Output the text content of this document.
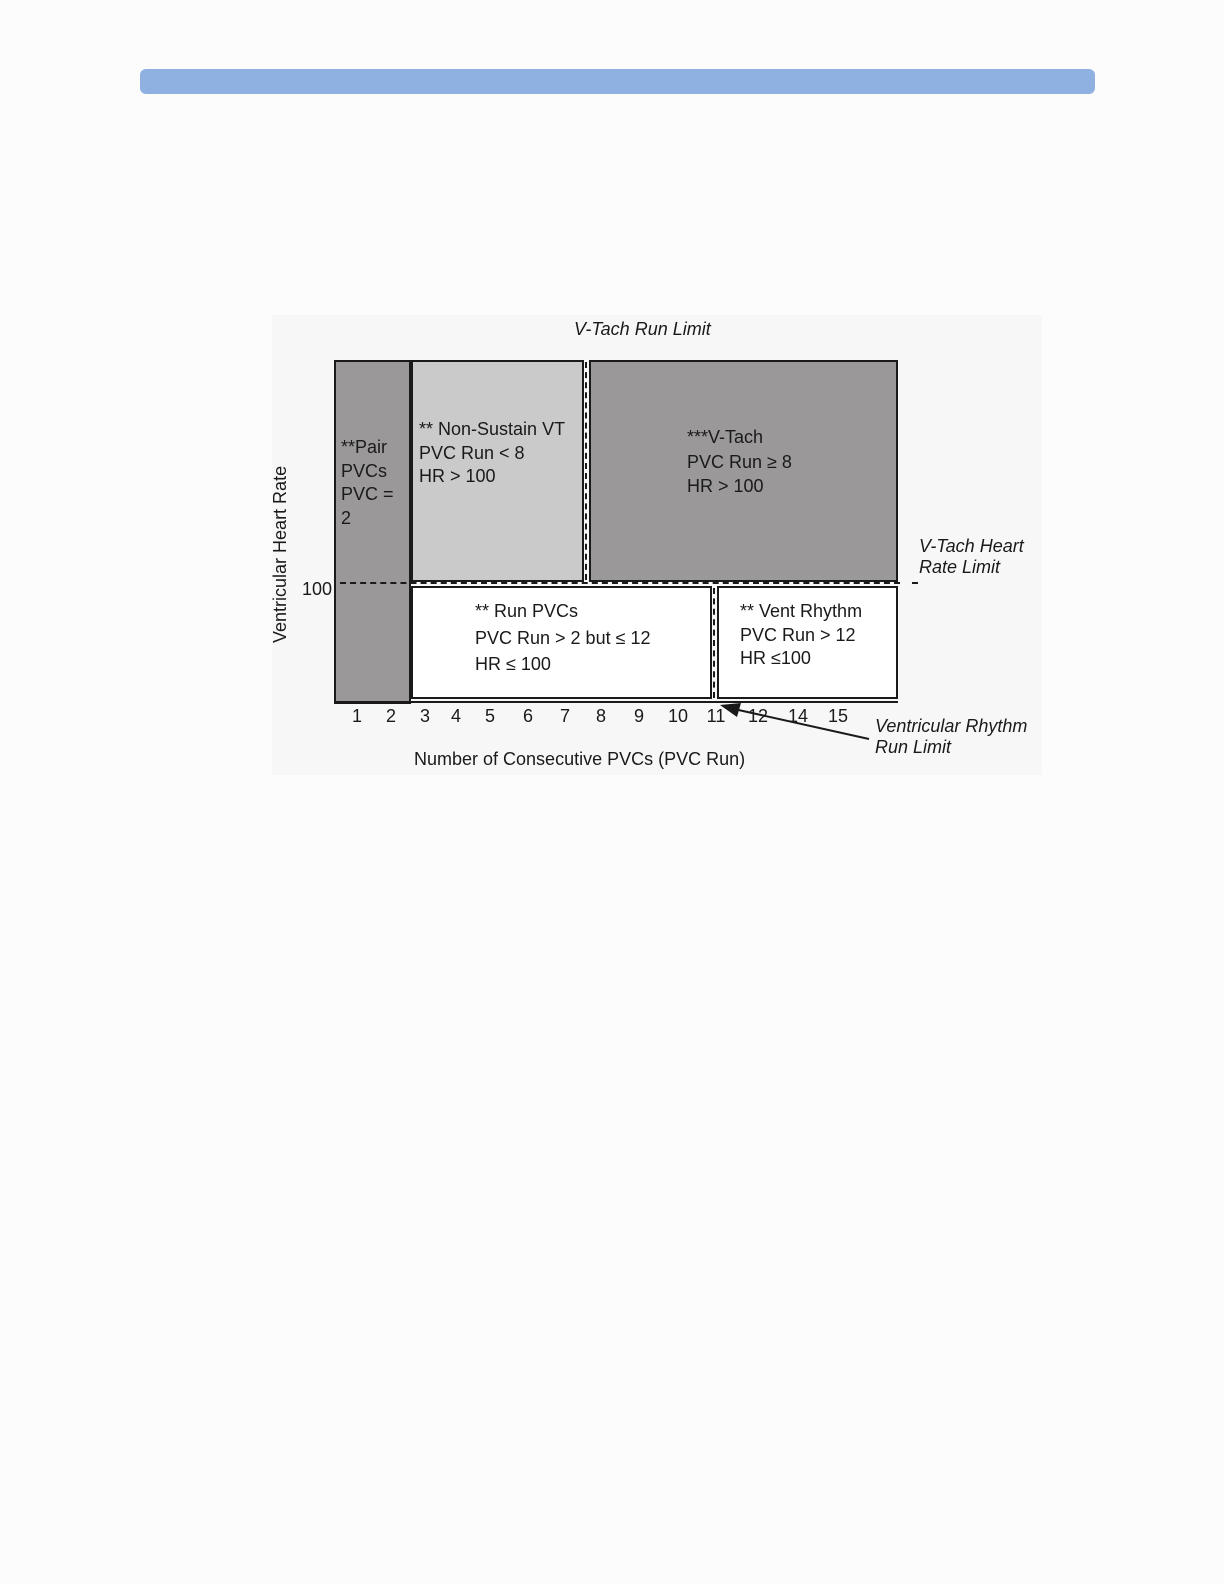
**Pair
PVCs
PVC =
2
** Non-Sustain VT
PVC Run < 8
HR > 100
***V-Tach
PVC Run ≥ 8
HR > 100
** Run PVCs
PVC Run > 2 but ≤ 12
HR ≤ 100
** Vent Rhythm
PVC Run > 12
HR ≤100
V-Tach Run Limit
V-Tach Heart
Rate Limit
Ventricular Rhythm
Run Limit
100
Ventricular Heart Rate
Number of Consecutive PVCs (PVC Run)
1 2 3 4 5 6 7 8 9 10 11 12 14 15
